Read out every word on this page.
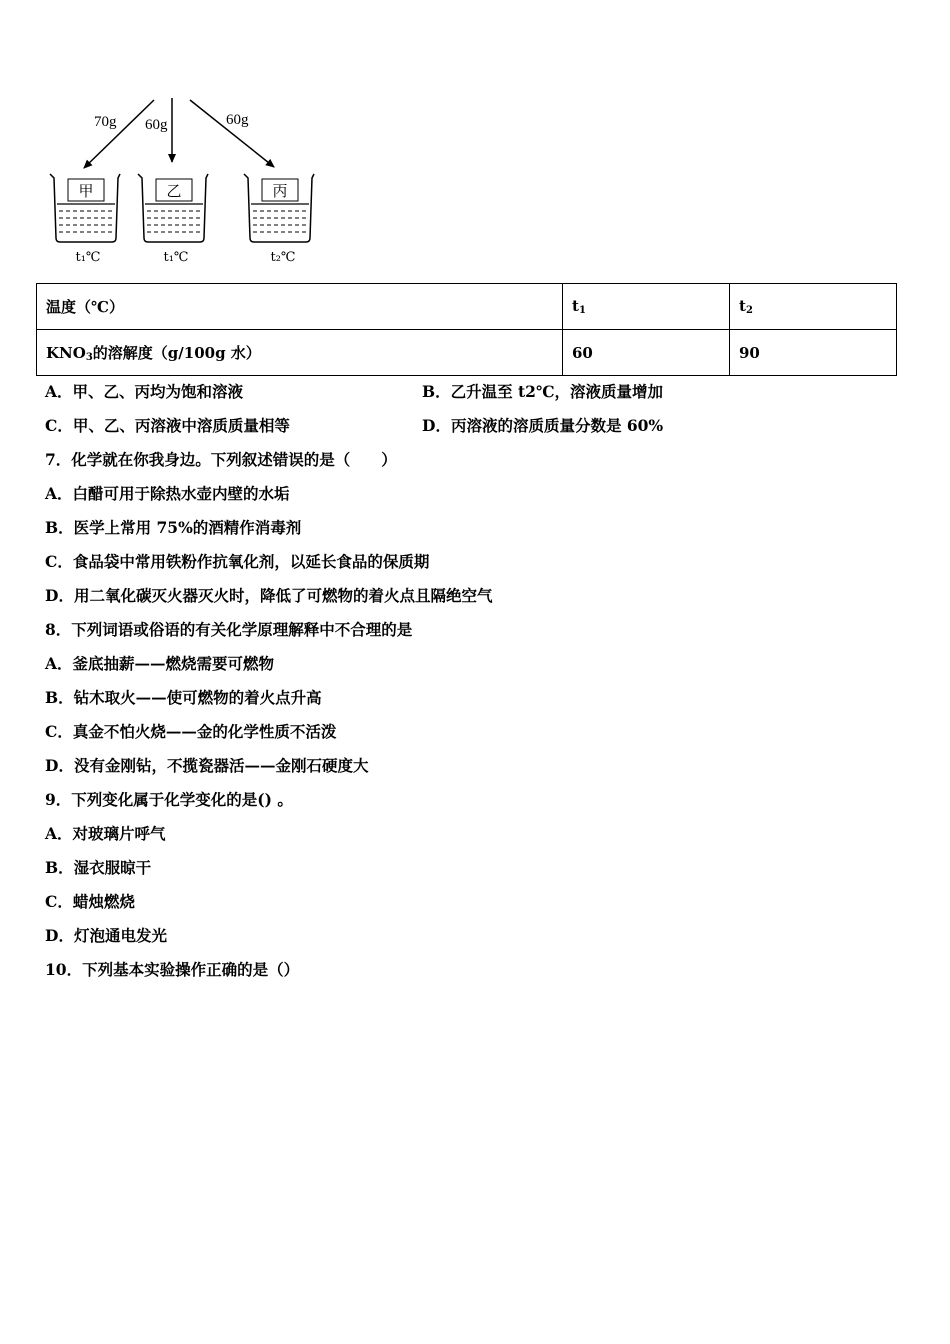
70g 60g	60g
甲
t₁℃
乙
t₁℃
丙
t₂℃
温度（℃）	$t_1$	$t_2$
$KNO_3$的溶解度（g/100g 水）	60	90
A．甲、乙、丙均为饱和溶液	B．乙升温至 t2℃，溶液质量增加
C．甲、乙、丙溶液中溶质质量相等	D．丙溶液的溶质质量分数是 60%
7．化学就在你我身边。下列叙述错误的是（　　）
A．白醋可用于除热水壶内壁的水垢
B．医学上常用 75%的酒精作消毒剂
C．食品袋中常用铁粉作抗氧化剂，以延长食品的保质期
D．用二氧化碳灭火器灭火时，降低了可燃物的着火点且隔绝空气
8．下列词语或俗语的有关化学原理解释中不合理的是
A．釜底抽薪——燃烧需要可燃物
B．钻木取火——使可燃物的着火点升高
C．真金不怕火烧——金的化学性质不活泼
D．没有金刚钻，不揽瓷器活——金刚石硬度大
9．下列变化属于化学变化的是() 。
A．对玻璃片呼气
B．湿衣服晾干
C．蜡烛燃烧
D．灯泡通电发光
10．下列基本实验操作正确的是（）
